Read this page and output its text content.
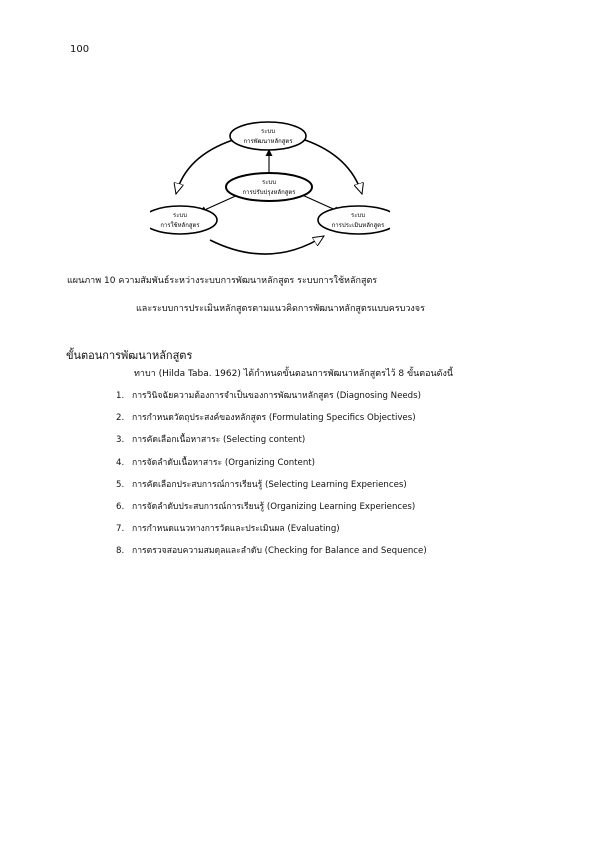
100
ระบบ
การพัฒนาหลักสูตร
ระบบ
การปรับปรุงหลักสูตร
ระบบ
การใช้หลักสูตร
ระบบ
การประเมินหลักสูตร
แผนภาพ 10 ความสัมพันธ์ระหว่างระบบการพัฒนาหลักสูตร ระบบการใช้หลักสูตร
และระบบการประเมินหลักสูตรตามแนวคิดการพัฒนาหลักสูตรแบบครบวงจร
ขั้นตอนการพัฒนาหลักสูตร
ทาบา (Hilda Taba. 1962) ได้กำหนดขั้นตอนการพัฒนาหลักสูตรไว้ 8 ขั้นตอนดังนี้
1. การวินิจฉัยความต้องการจำเป็นของการพัฒนาหลักสูตร (Diagnosing Needs)
2. การกำหนดวัตถุประสงค์ของหลักสูตร (Formulating Specifics Objectives)
3. การคัดเลือกเนื้อหาสาระ (Selecting content)
4. การจัดลำดับเนื้อหาสาระ (Organizing Content)
5. การคัดเลือกประสบการณ์การเรียนรู้ (Selecting Learning Experiences)
6. การจัดลำดับประสบการณ์การเรียนรู้ (Organizing Learning Experiences)
7. การกำหนดแนวทางการวัดและประเมินผล (Evaluating)
8. การตรวจสอบความสมดุลและลำดับ (Checking for Balance and Sequence)
